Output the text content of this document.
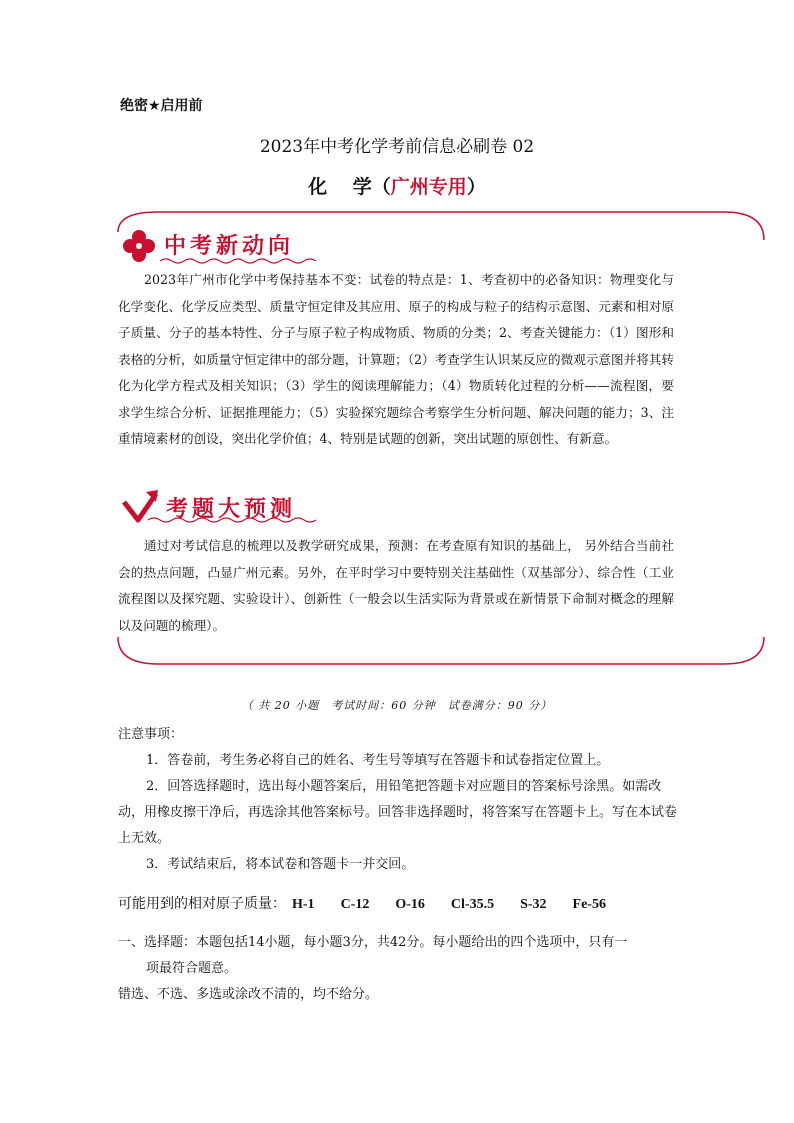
绝密★启用前
2023年中考化学考前信息必刷卷 02
化　 学（广州专用）
中考新动向

2023年广州市化学中考保持基本不变：试卷的特点是：1、考查初中的必备知识：物理变化与化学变化、化学反应类型、质量守恒定律及其应用、原子的构成与粒子的结构示意图、元素和相对原子质量、分子的基本特性、分子与原子粒子构成物质、物质的分类；2、考查关键能力：（1）图形和表格的分析，如质量守恒定律中的部分题，计算题；（2）考查学生认识某反应的微观示意图并将其转化为化学方程式及相关知识；（3）学生的阅读理解能力；（4）物质转化过程的分析——流程图，要求学生综合分析、证据推理能力；（5）实验探究题综合考察学生分析问题、解决问题的能力；3、注重情境素材的创设，突出化学价值；4、特别是试题的创新，突出试题的原创性、有新意。

考题大预测

通过对考试信息的梳理以及教学研究成果，预测：在考查原有知识的基础上， 另外结合当前社会的热点问题，凸显广州元素。另外，在平时学习中要特别关注基础性（双基部分）、综合性（工业流程图以及探究题、实验设计）、创新性（一般会以生活实际为背景或在新情景下命制对概念的理解以及问题的梳理）。

（ 共 20 小题　考试时间：60 分钟　试卷满分：90 分）

注意事项：

1．答卷前，考生务必将自己的姓名、考生号等填写在答题卡和试卷指定位置上。

2．回答选择题时，选出每小题答案后，用铅笔把答题卡对应题目的答案标号涂黑。如需改动，用橡皮擦干净后，再选涂其他答案标号。回答非选择题时，将答案写在答题卡上。写在本试卷上无效。

3．考试结束后，将本试卷和答题卡一并交回。

可能用到的相对原子质量： H-1 C-12 O-16 Cl-35.5 S-32 Fe-56

一、选择题：本题包括14小题，每小题3分，共42分。每小题给出的四个选项中，只有一

项最符合题意。

错选、不选、多选或涂改不清的，均不给分。
